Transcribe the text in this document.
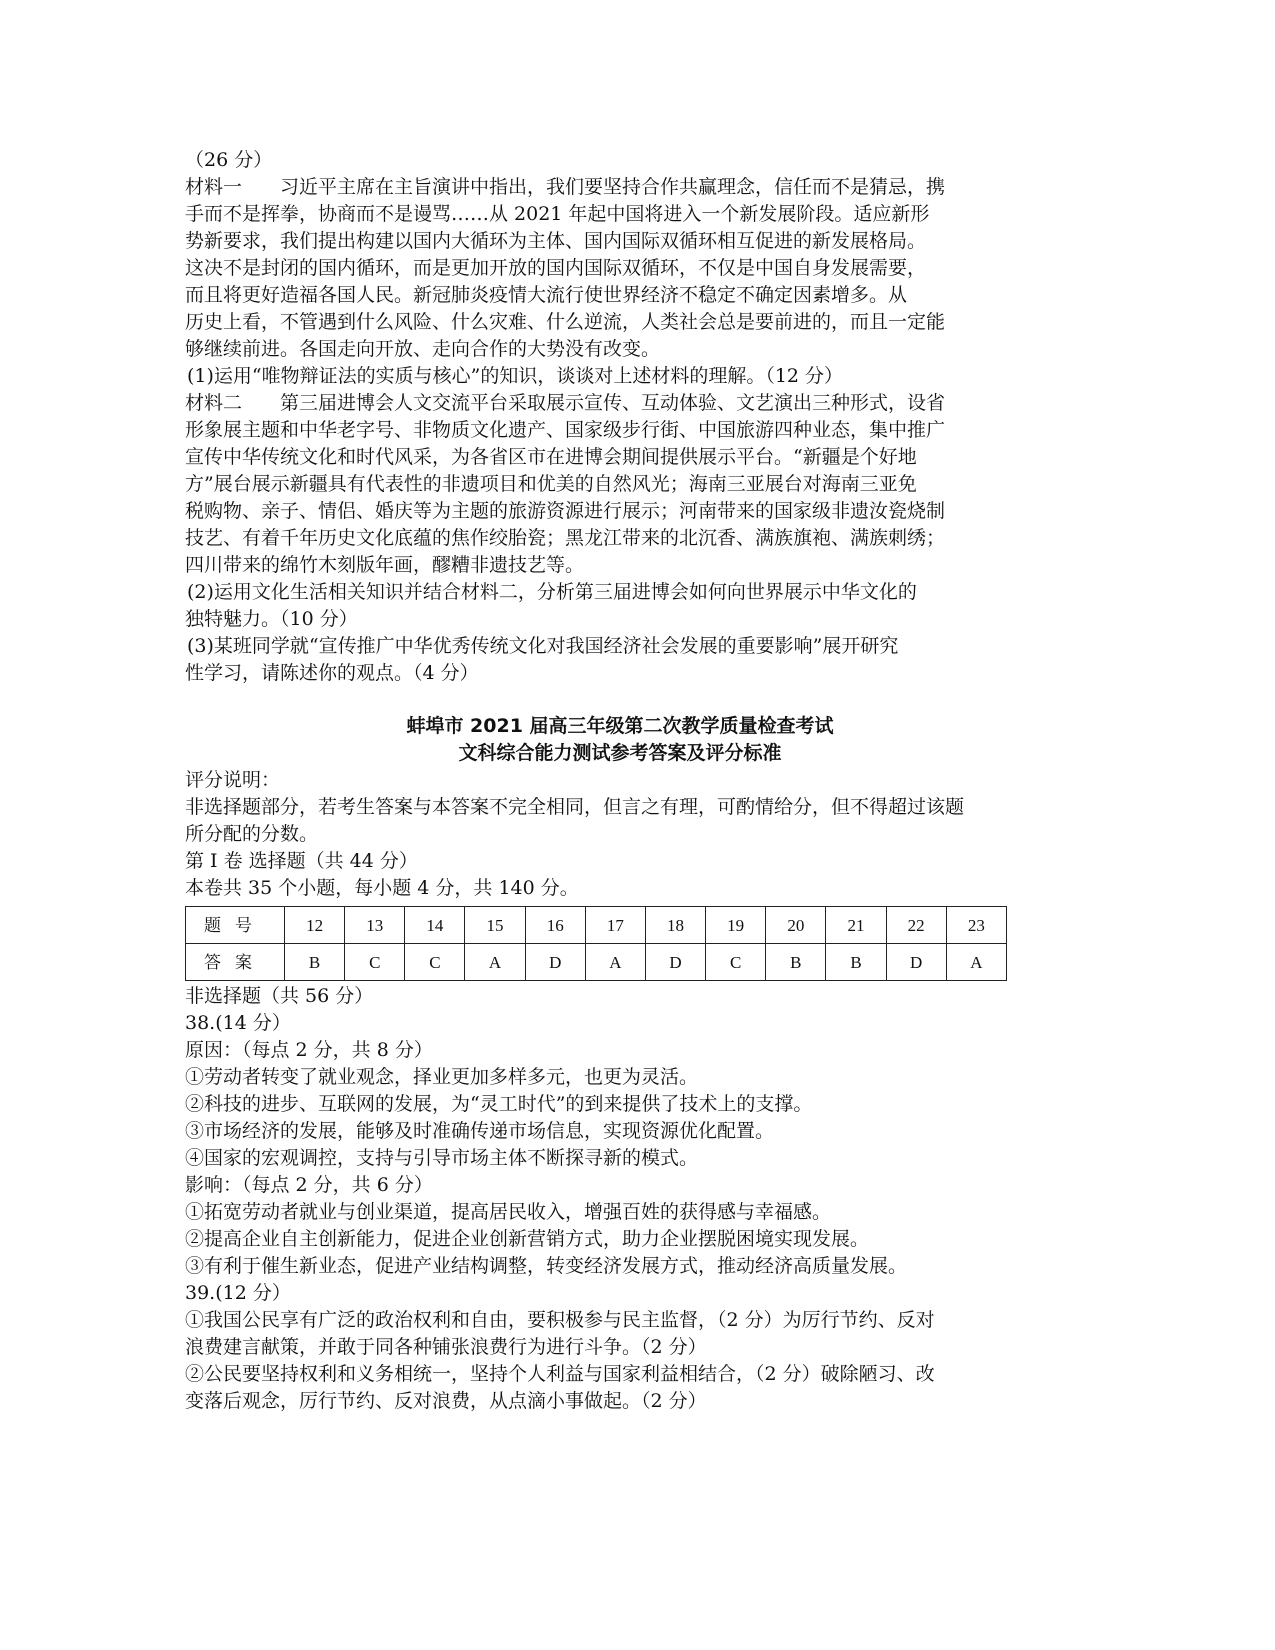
（26 分）
材料一　　习近平主席在主旨演讲中指出，我们要坚持合作共赢理念，信任而不是猜忌，携
手而不是挥拳，协商而不是谩骂……从 2021 年起中国将进入一个新发展阶段。适应新形
势新要求，我们提出构建以国内大循环为主体、国内国际双循环相互促进的新发展格局。
这决不是封闭的国内循环，而是更加开放的国内国际双循环，不仅是中国自身发展需要，
而且将更好造福各国人民。新冠肺炎疫情大流行使世界经济不稳定不确定因素增多。从
历史上看，不管遇到什么风险、什么灾难、什么逆流，人类社会总是要前进的，而且一定能
够继续前进。各国走向开放、走向合作的大势没有改变。
(1)运用“唯物辩证法的实质与核心”的知识，谈谈对上述材料的理解。（12 分）
材料二　　第三届进博会人文交流平台采取展示宣传、互动体验、文艺演出三种形式，设省
形象展主题和中华老字号、非物质文化遗产、国家级步行街、中国旅游四种业态，集中推广
宣传中华传统文化和时代风采，为各省区市在进博会期间提供展示平台。“新疆是个好地
方”展台展示新疆具有代表性的非遗项目和优美的自然风光；海南三亚展台对海南三亚免
税购物、亲子、情侣、婚庆等为主题的旅游资源进行展示；河南带来的国家级非遗汝瓷烧制
技艺、有着千年历史文化底蕴的焦作绞胎瓷；黑龙江带来的北沉香、满族旗袍、满族刺绣；
四川带来的绵竹木刻版年画，醪糟非遗技艺等。
(2)运用文化生活相关知识并结合材料二，分析第三届进博会如何向世界展示中华文化的
独特魅力。（10 分）
(3)某班同学就“宣传推广中华优秀传统文化对我国经济社会发展的重要影响”展开研究
性学习，请陈述你的观点。（4 分）
蚌埠市 2021 届高三年级第二次教学质量检查考试
文科综合能力测试参考答案及评分标准
评分说明：
非选择题部分，若考生答案与本答案不完全相同，但言之有理，可酌情给分，但不得超过该题
所分配的分数。
第 I 卷 选择题（共 44 分）
本卷共 35 个小题，每小题 4 分，共 140 分。
题号	12	13	14	15	16	17	18	19	20	21	22	23
答案	B	C	C	A	D	A	D	C	B	B	D	A
非选择题（共 56 分）
38.(14 分）
原因：（每点 2 分，共 8 分）
①劳动者转变了就业观念，择业更加多样多元，也更为灵活。
②科技的进步、互联网的发展，为“灵工时代”的到来提供了技术上的支撑。
③市场经济的发展，能够及时准确传递市场信息，实现资源优化配置。
④国家的宏观调控，支持与引导市场主体不断探寻新的模式。
影响：（每点 2 分，共 6 分）
①拓宽劳动者就业与创业渠道，提高居民收入，增强百姓的获得感与幸福感。
②提高企业自主创新能力，促进企业创新营销方式，助力企业摆脱困境实现发展。
③有利于催生新业态，促进产业结构调整，转变经济发展方式，推动经济高质量发展。
39.(12 分）
①我国公民享有广泛的政治权利和自由，要积极参与民主监督，（2 分）为厉行节约、反对
浪费建言献策，并敢于同各种铺张浪费行为进行斗争。（2 分）
②公民要坚持权利和义务相统一，坚持个人利益与国家利益相结合，（2 分）破除陋习、改
变落后观念，厉行节约、反对浪费，从点滴小事做起。（2 分）
